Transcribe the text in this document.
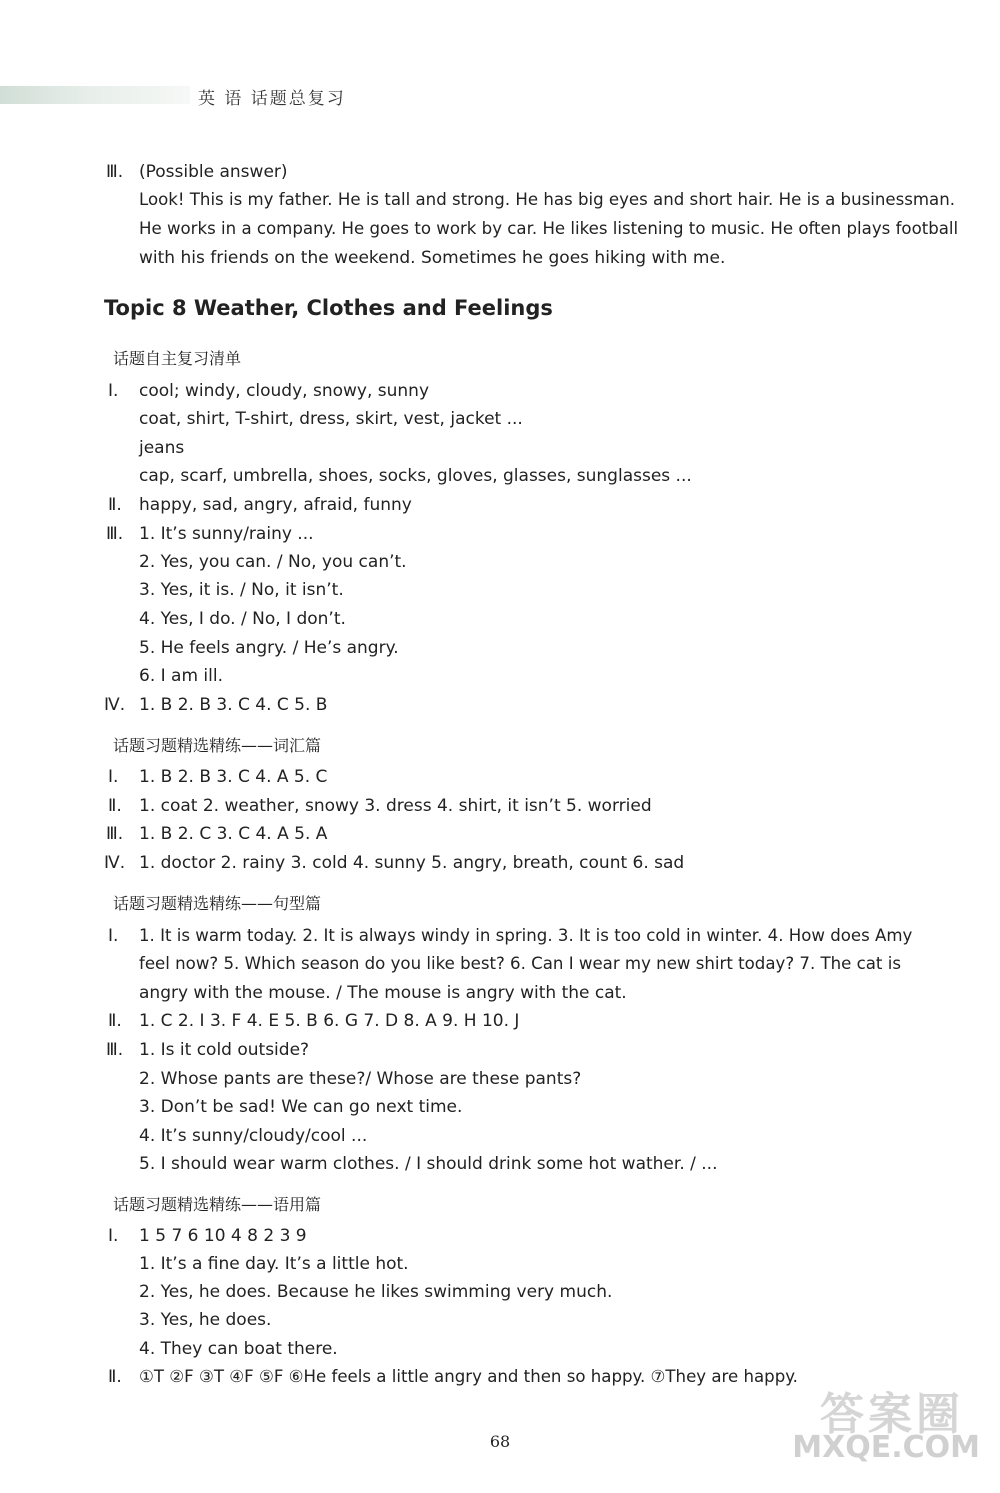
英 语 话题总复习
Ⅲ. (Possible answer)
Look! This is my father. He is tall and strong. He has big eyes and short hair. He is a businessman.
He works in a company. He goes to work by car. He likes listening to music. He often plays football
with his friends on the weekend. Sometimes he goes hiking with me.
Topic 8 Weather, Clothes and Feelings
话题自主复习清单
Ⅰ. cool; windy, cloudy, snowy, sunny
coat, shirt, T-shirt, dress, skirt, vest, jacket ...
jeans
cap, scarf, umbrella, shoes, socks, gloves, glasses, sunglasses ...
Ⅱ. happy, sad, angry, afraid, funny
Ⅲ. 1. It’s sunny/rainy ...
2. Yes, you can. / No, you can’t.
3. Yes, it is. / No, it isn’t.
4. Yes, I do. / No, I don’t.
5. He feels angry. / He’s angry.
6. I am ill.
Ⅳ. 1. B 2. B 3. C 4. C 5. B
话题习题精选精练——词汇篇
Ⅰ. 1. B 2. B 3. C 4. A 5. C
Ⅱ. 1. coat 2. weather, snowy 3. dress 4. shirt, it isn’t 5. worried
Ⅲ. 1. B 2. C 3. C 4. A 5. A
Ⅳ. 1. doctor 2. rainy 3. cold 4. sunny 5. angry, breath, count 6. sad
话题习题精选精练——句型篇
Ⅰ. 1. It is warm today. 2. It is always windy in spring. 3. It is too cold in winter. 4. How does Amy
feel now? 5. Which season do you like best? 6. Can I wear my new shirt today? 7. The cat is
angry with the mouse. / The mouse is angry with the cat.
Ⅱ. 1. C 2. I 3. F 4. E 5. B 6. G 7. D 8. A 9. H 10. J
Ⅲ. 1. Is it cold outside?
2. Whose pants are these?/ Whose are these pants?
3. Don’t be sad! We can go next time.
4. It’s sunny/cloudy/cool ...
5. I should wear warm clothes. / I should drink some hot wather. / ...
话题习题精选精练——语用篇
Ⅰ. 1 5 7 6 10 4 8 2 3 9
1. It’s a fine day. It’s a little hot.
2. Yes, he does. Because he likes swimming very much.
3. Yes, he does.
4. They can boat there.
Ⅱ. ①T ②F ③T ④F ⑤F ⑥He feels a little angry and then so happy. ⑦They are happy.
68
答案圈
MXQE.COM
